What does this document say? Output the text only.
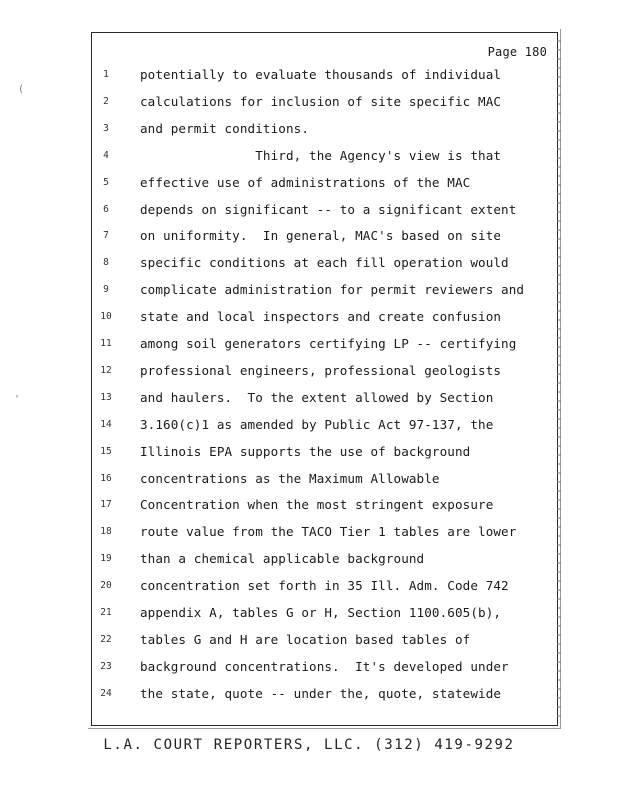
(
'
Page 180
1	potentially to evaluate thousands of individual
2	calculations for inclusion of site specific MAC
3	and permit conditions.
4	Third, the Agency's view is that
5	effective use of administrations of the MAC
6	depends on significant -- to a significant extent
7	on uniformity.  In general, MAC's based on site
8	specific conditions at each fill operation would
9	complicate administration for permit reviewers and
10	state and local inspectors and create confusion
11	among soil generators certifying LP -- certifying
12	professional engineers, professional geologists
13	and haulers.  To the extent allowed by Section
14	3.160(c)1 as amended by Public Act 97-137, the
15	Illinois EPA supports the use of background
16	concentrations as the Maximum Allowable
17	Concentration when the most stringent exposure
18	route value from the TACO Tier 1 tables are lower
19	than a chemical applicable background
20	concentration set forth in 35 Ill. Adm. Code 742
21	appendix A, tables G or H, Section 1100.605(b),
22	tables G and H are location based tables of
23	background concentrations.  It's developed under
24	the state, quote -- under the, quote, statewide
L.A. COURT REPORTERS, LLC. (312) 419-9292
